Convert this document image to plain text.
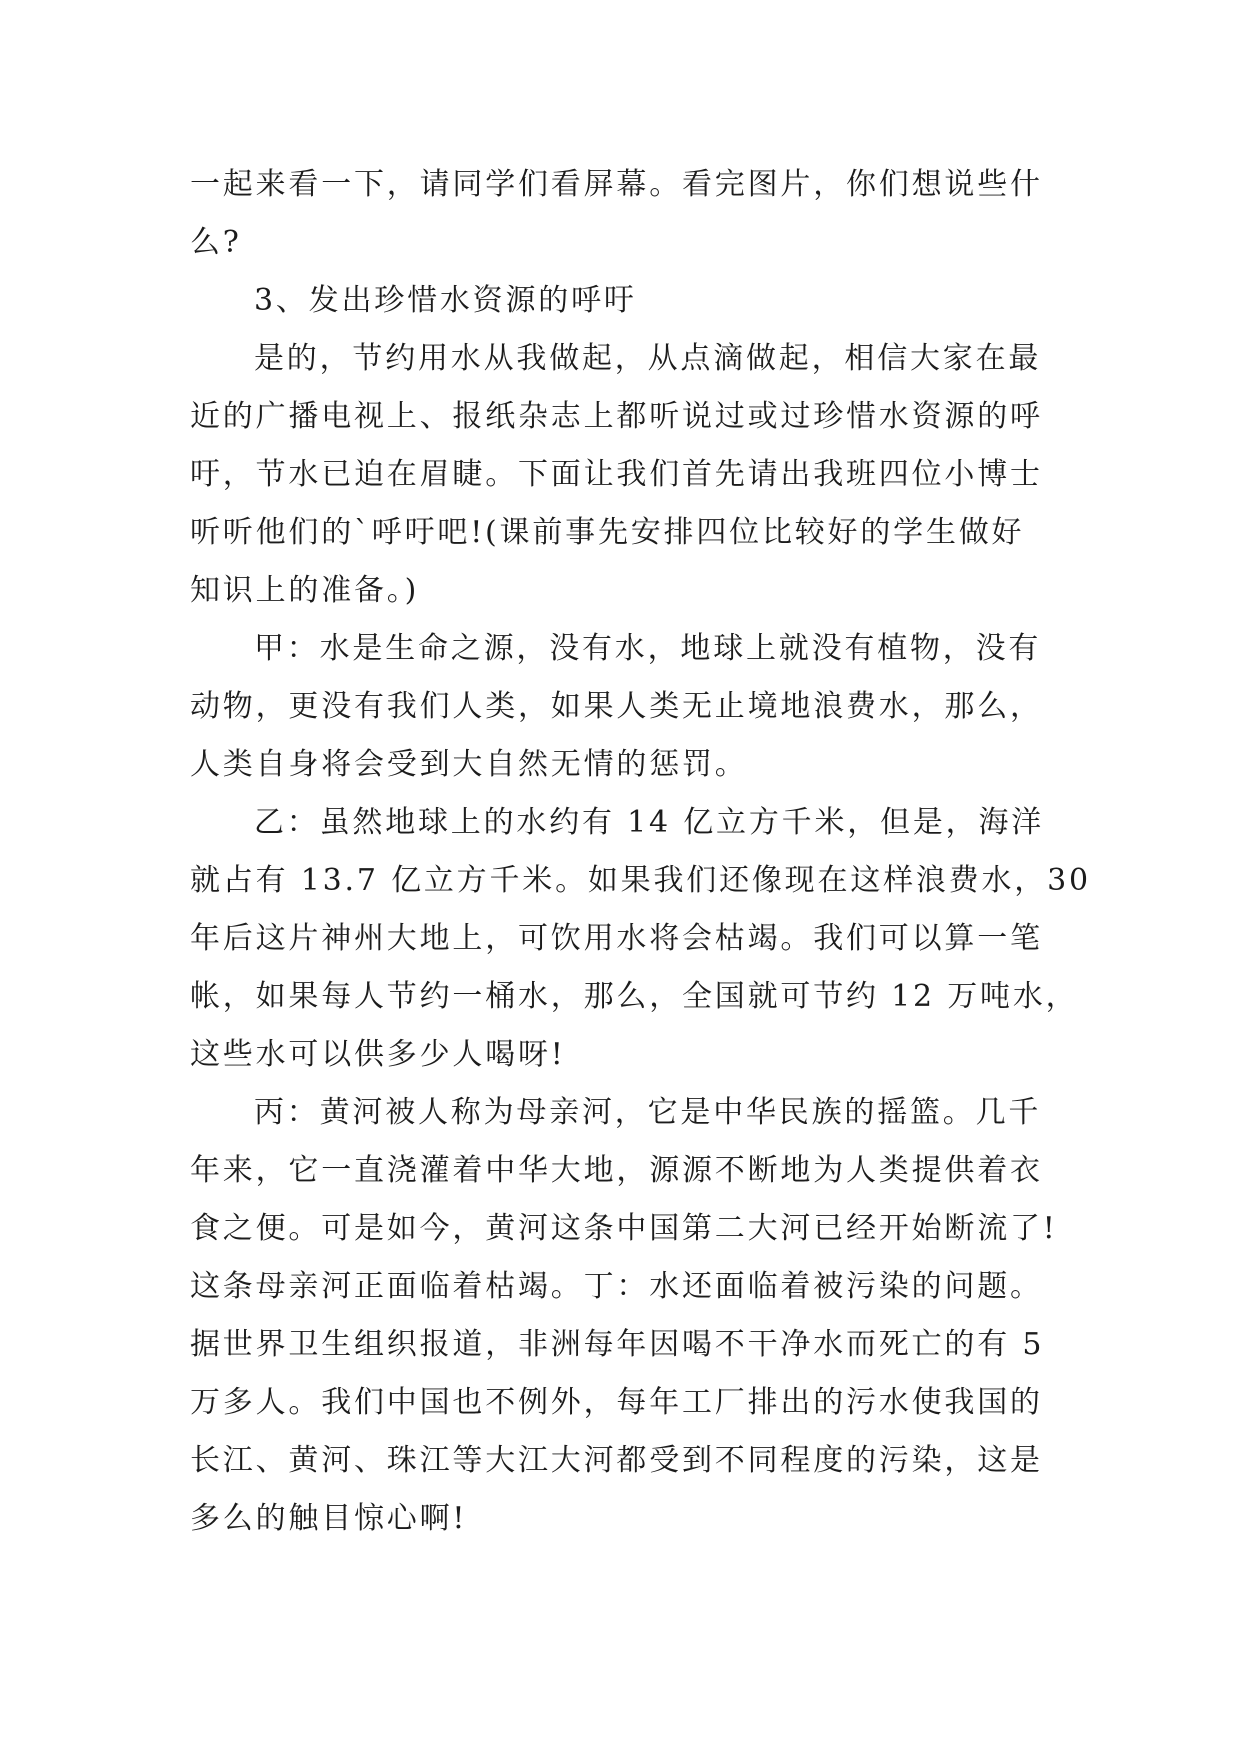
一起来看一下，请同学们看屏幕。看完图片，你们想说些什
么?
3、发出珍惜水资源的呼吁
是的，节约用水从我做起，从点滴做起，相信大家在最
近的广播电视上、报纸杂志上都听说过或过珍惜水资源的呼
吁，节水已迫在眉睫。下面让我们首先请出我班四位小博士
听听他们的`呼吁吧!(课前事先安排四位比较好的学生做好
知识上的准备。)
甲：水是生命之源，没有水，地球上就没有植物，没有
动物，更没有我们人类，如果人类无止境地浪费水，那么，
人类自身将会受到大自然无情的惩罚。
乙：虽然地球上的水约有 14 亿立方千米，但是，海洋
就占有 13.7 亿立方千米。如果我们还像现在这样浪费水，30
年后这片神州大地上，可饮用水将会枯竭。我们可以算一笔
帐，如果每人节约一桶水，那么，全国就可节约 12 万吨水，
这些水可以供多少人喝呀!
丙：黄河被人称为母亲河，它是中华民族的摇篮。几千
年来，它一直浇灌着中华大地，源源不断地为人类提供着衣
食之便。可是如今，黄河这条中国第二大河已经开始断流了!
这条母亲河正面临着枯竭。丁：水还面临着被污染的问题。
据世界卫生组织报道，非洲每年因喝不干净水而死亡的有 5
万多人。我们中国也不例外，每年工厂排出的污水使我国的
长江、黄河、珠江等大江大河都受到不同程度的污染，这是
多么的触目惊心啊!
